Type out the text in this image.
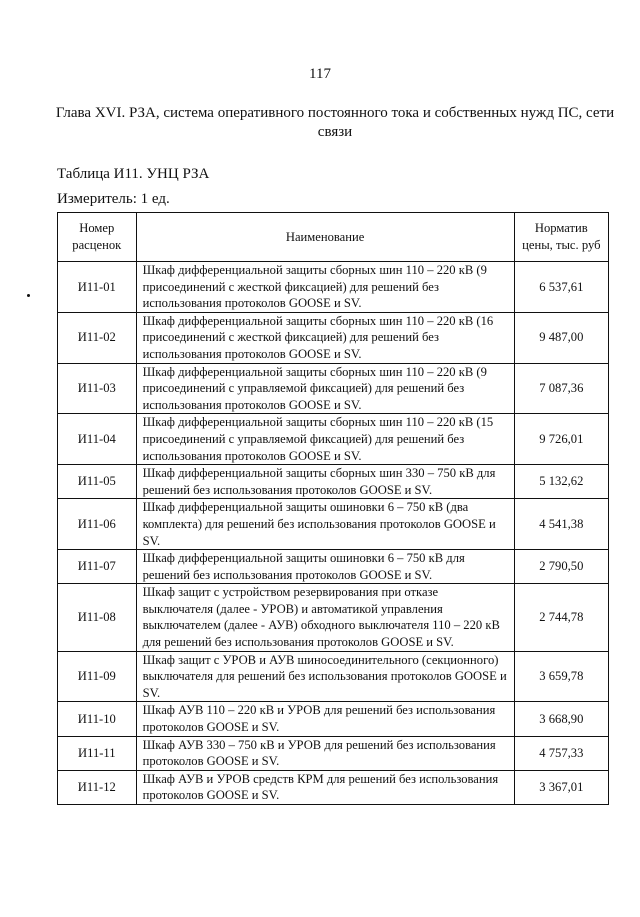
117
Глава XVI. РЗА, система оперативного постоянного тока и собственных нужд ПС, сети связи
Таблица И11. УНЦ РЗА
Измеритель: 1 ед.
Номер расценок	Наименование	Норматив цены, тыс. руб
И11-01	Шкаф дифференциальной защиты сборных шин 110 – 220 кВ (9 присоединений с жесткой фиксацией) для решений без использования протоколов GOOSE и SV.	6 537,61
И11-02	Шкаф дифференциальной защиты сборных шин 110 – 220 кВ (16 присоединений с жесткой фиксацией) для решений без использования протоколов GOOSE и SV.	9 487,00
И11-03	Шкаф дифференциальной защиты сборных шин 110 – 220 кВ (9 присоединений с управляемой фиксацией) для решений без использования протоколов GOOSE и SV.	7 087,36
И11-04	Шкаф дифференциальной защиты сборных шин 110 – 220 кВ (15 присоединений с управляемой фиксацией) для решений без использования протоколов GOOSE и SV.	9 726,01
И11-05	Шкаф дифференциальной защиты сборных шин 330 – 750 кВ для решений без использования протоколов GOOSE и SV.	5 132,62
И11-06	Шкаф дифференциальной защиты ошиновки 6 – 750 кВ (два комплекта) для решений без использования протоколов GOOSE и SV.	4 541,38
И11-07	Шкаф дифференциальной защиты ошиновки 6 – 750 кВ для решений без использования протоколов GOOSE и SV.	2 790,50
И11-08	Шкаф защит с устройством резервирования при отказе выключателя (далее - УРОВ) и автоматикой управления выключателем (далее - АУВ) обходного выключателя 110 – 220 кВ для решений без использования протоколов GOOSE и SV.	2 744,78
И11-09	Шкаф защит с УРОВ и АУВ шиносоединительного (секционного) выключателя для решений без использования протоколов GOOSE и SV.	3 659,78
И11-10	Шкаф АУВ 110 – 220 кВ и УРОВ для решений без использования протоколов GOOSE и SV.	3 668,90
И11-11	Шкаф АУВ 330 – 750 кВ и УРОВ для решений без использования протоколов GOOSE и SV.	4 757,33
И11-12	Шкаф АУВ и УРОВ средств КРМ для решений без использования протоколов GOOSE и SV.	3 367,01
